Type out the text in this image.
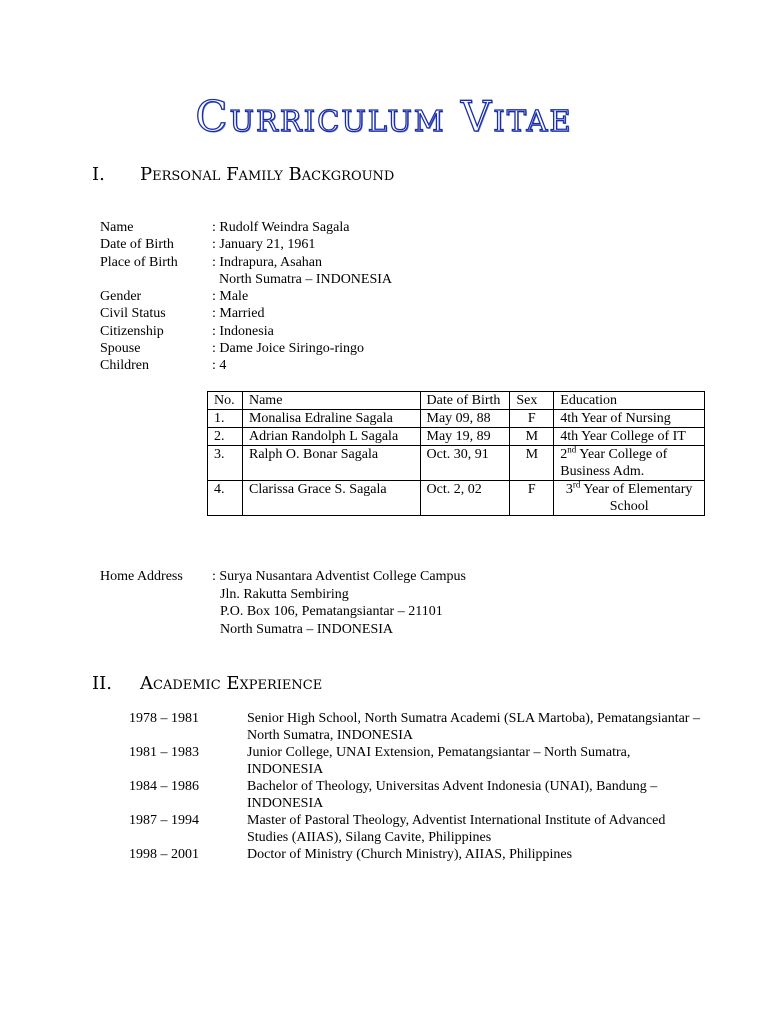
Curriculum Vitae
I. Personal Family Background
Name	: Rudolf Weindra Sagala
Date of Birth	: January 21, 1961
Place of Birth	: Indrapura, Asahan
North Sumatra – INDONESIA
Gender	: Male
Civil Status	: Married
Citizenship	: Indonesia
Spouse	: Dame Joice Siringo-ringo
Children	: 4
No.	Name	Date of Birth	Sex	Education
1.	Monalisa Edraline Sagala	May 09, 88	F	4th Year of Nursing
2.	Adrian Randolph L Sagala	May 19, 89	M	4th Year College of IT
3.	Ralph O. Bonar Sagala	Oct. 30, 91	M	2nd Year College of Business Adm.
4.	Clarissa Grace S. Sagala	Oct. 2, 02	F	3rd Year of Elementary School
Home Address	: Surya Nusantara Adventist College Campus
Jln. Rakutta Sembiring
P.O. Box 106, Pematangsiantar – 21101
North Sumatra – INDONESIA
II. Academic Experience
1978 – 1981	Senior High School, North Sumatra Academi (SLA Martoba), Pematangsiantar – North Sumatra, INDONESIA
1981 – 1983	Junior College, UNAI Extension, Pematangsiantar – North Sumatra, INDONESIA
1984 – 1986	Bachelor of Theology, Universitas Advent Indonesia (UNAI), Bandung – INDONESIA
1987 – 1994	Master of Pastoral Theology, Adventist International Institute of Advanced Studies (AIIAS), Silang Cavite, Philippines
1998 – 2001	Doctor of Ministry (Church Ministry), AIIAS, Philippines
